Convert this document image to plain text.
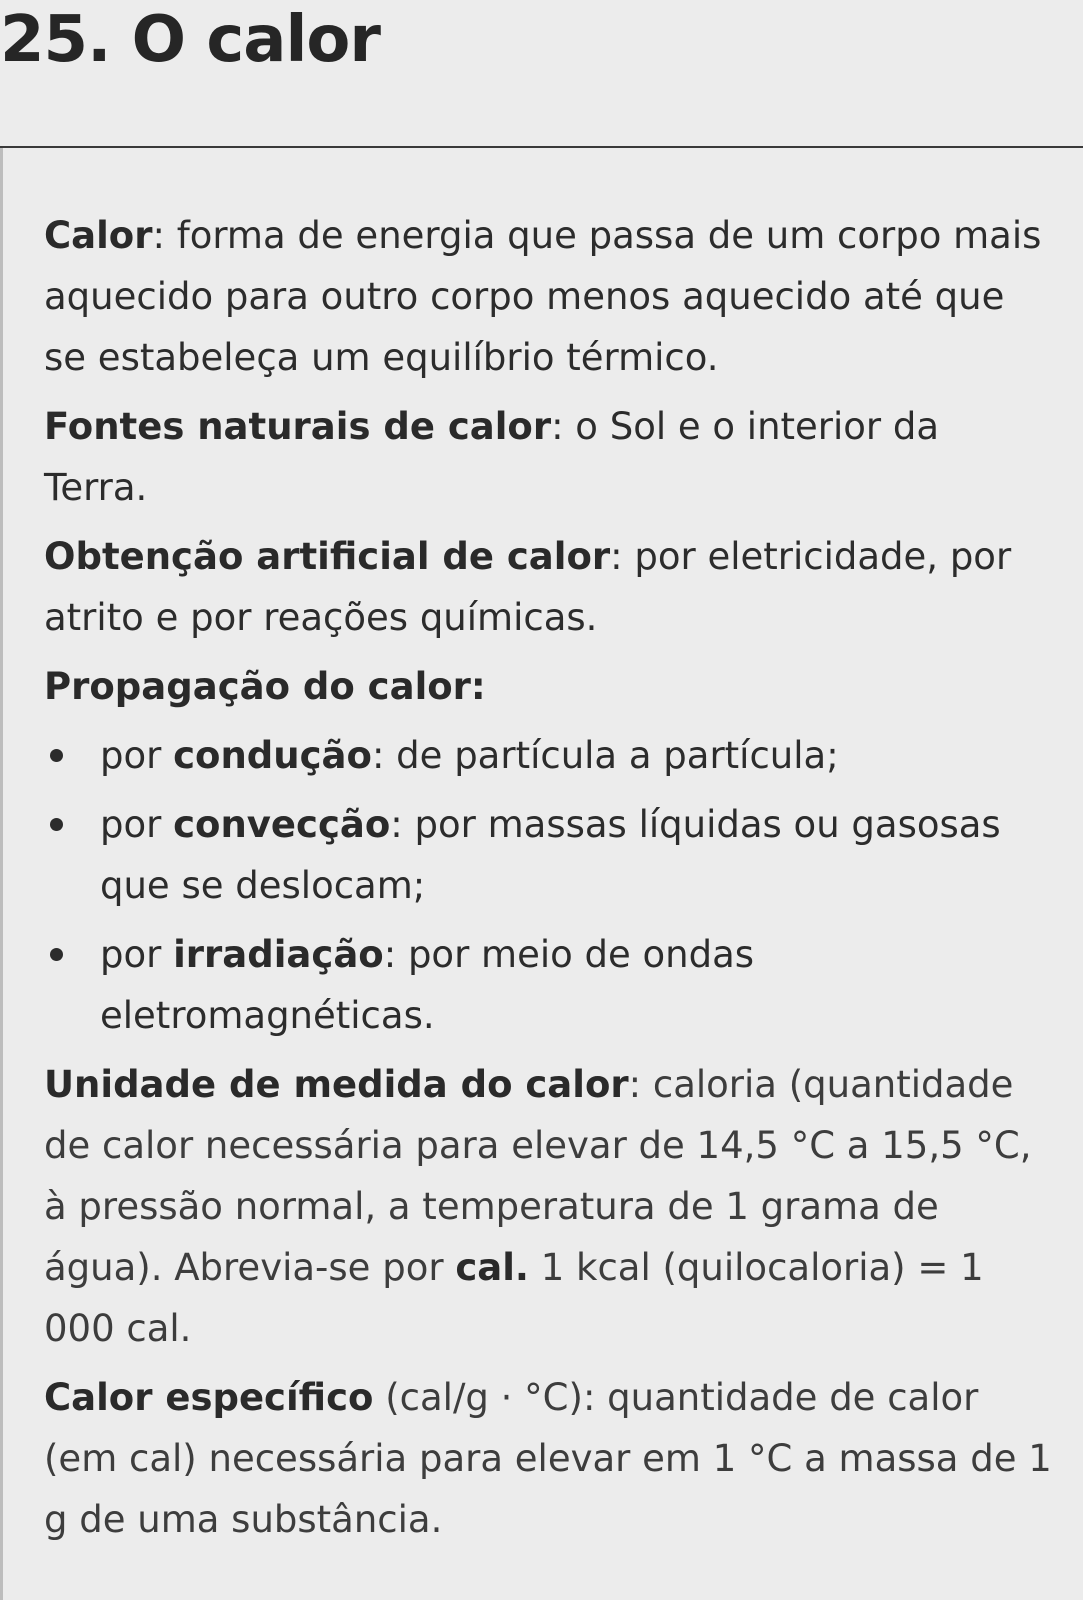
25. O calor

Calor: forma de energia que passa de um corpo mais aquecido para outro corpo menos aquecido até que se estabeleça um equilíbrio térmico.

Fontes naturais de calor: o Sol e o interior da Terra.

Obtenção artificial de calor: por eletricidade, por atrito e por reações químicas.

Propagação do calor:

por condução: de partícula a partícula;
por convecção: por massas líquidas ou gasosas que se deslocam;
por irradiação: por meio de ondas eletromagnéticas.

Unidade de medida do calor: caloria (quantidade de calor necessária para elevar de 14,5 °C a 15,5 °C, à pressão normal, a temperatura de 1 grama de água). Abrevia-se por cal. 1 kcal (quilocaloria) = 1 000 cal.

Calor específico (cal/g · °C): quantidade de calor (em cal) necessária para elevar em 1 °C a massa de 1 g de uma substância.
